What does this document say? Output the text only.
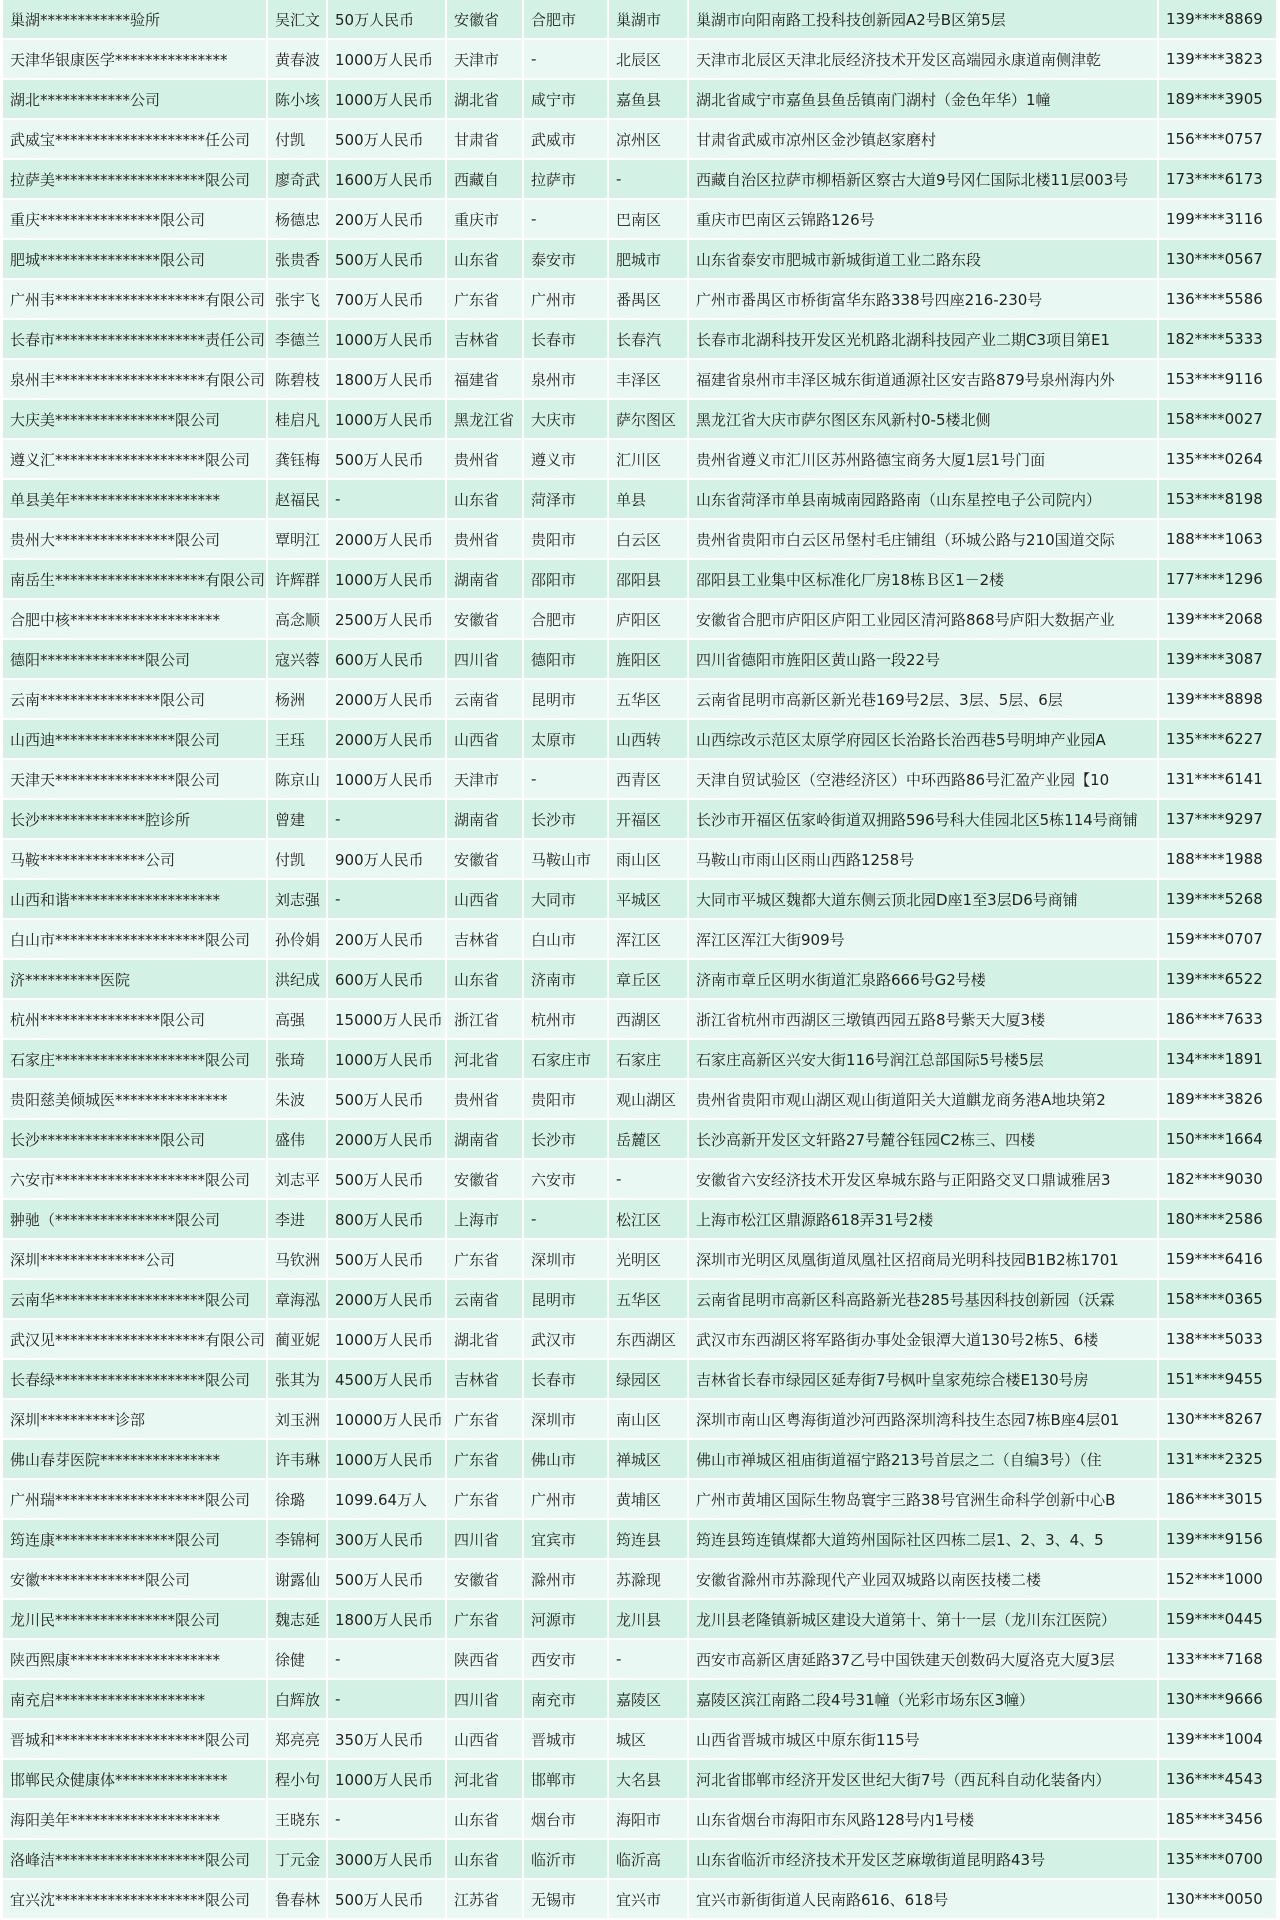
巢湖************验所	吴汇文	50万人民币	安徽省	合肥市	巢湖市	巢湖市向阳南路工投科技创新园A2号B区第5层	139****8869
天津华银康医学***************	黄春波	1000万人民币	天津市	-	北辰区	天津市北辰区天津北辰经济技术开发区高端园永康道南侧津乾	139****3823
湖北************公司	陈小垓	1000万人民币	湖北省	咸宁市	嘉鱼县	湖北省咸宁市嘉鱼县鱼岳镇南门湖村（金色年华）1幢	189****3905
武威宝********************任公司	付凯	500万人民币	甘肃省	武威市	凉州区	甘肃省武威市凉州区金沙镇赵家磨村	156****0757
拉萨美********************限公司	廖奇武	1600万人民币	西藏自	拉萨市	-	西藏自治区拉萨市柳梧新区察古大道9号冈仁国际北楼11层003号	173****6173
重庆****************限公司	杨德忠	200万人民币	重庆市	-	巴南区	重庆市巴南区云锦路126号	199****3116
肥城****************限公司	张贵香	500万人民币	山东省	泰安市	肥城市	山东省泰安市肥城市新城街道工业二路东段	130****0567
广州韦********************有限公司	张宇飞	700万人民币	广东省	广州市	番禺区	广州市番禺区市桥街富华东路338号四座216-230号	136****5586
长春市********************责任公司	李德兰	1000万人民币	吉林省	长春市	长春汽	长春市北湖科技开发区光机路北湖科技园产业二期C3项目第E1	182****5333
泉州丰********************有限公司	陈碧枝	1800万人民币	福建省	泉州市	丰泽区	福建省泉州市丰泽区城东街道通源社区安吉路879号泉州海内外	153****9116
大庆美****************限公司	桂启凡	1000万人民币	黑龙江省	大庆市	萨尔图区	黑龙江省大庆市萨尔图区东风新村0-5楼北侧	158****0027
遵义汇********************限公司	龚钰梅	500万人民币	贵州省	遵义市	汇川区	贵州省遵义市汇川区苏州路德宝商务大厦1层1号门面	135****0264
单县美年********************	赵福民	-	山东省	菏泽市	单县	山东省菏泽市单县南城南园路路南（山东星控电子公司院内）	153****8198
贵州大****************限公司	覃明江	2000万人民币	贵州省	贵阳市	白云区	贵州省贵阳市白云区吊堡村毛庄铺组（环城公路与210国道交际	188****1063
南岳生********************有限公司	许辉群	1000万人民币	湖南省	邵阳市	邵阳县	邵阳县工业集中区标准化厂房18栋Ｂ区1－2楼	177****1296
合肥中核********************	高念顺	2500万人民币	安徽省	合肥市	庐阳区	安徽省合肥市庐阳区庐阳工业园区清河路868号庐阳大数据产业	139****2068
德阳**************限公司	寇兴蓉	600万人民币	四川省	德阳市	旌阳区	四川省德阳市旌阳区黄山路一段22号	139****3087
云南****************限公司	杨洲	2000万人民币	云南省	昆明市	五华区	云南省昆明市高新区新光巷169号2层、3层、5层、6层	139****8898
山西迪****************限公司	王珏	2000万人民币	山西省	太原市	山西转	山西综改示范区太原学府园区长治路长治西巷5号明坤产业园A	135****6227
天津天****************限公司	陈京山	1000万人民币	天津市	-	西青区	天津自贸试验区（空港经济区）中环西路86号汇盈产业园【10	131****6141
长沙**************腔诊所	曾建	-	湖南省	长沙市	开福区	长沙市开福区伍家岭街道双拥路596号科大佳园北区5栋114号商铺	137****9297
马鞍**************公司	付凯	900万人民币	安徽省	马鞍山市	雨山区	马鞍山市雨山区雨山西路1258号	188****1988
山西和谐********************	刘志强	-	山西省	大同市	平城区	大同市平城区魏都大道东侧云顶北园D座1至3层D6号商铺	139****5268
白山市********************限公司	孙伶娟	200万人民币	吉林省	白山市	浑江区	浑江区浑江大街909号	159****0707
济**********医院	洪纪成	600万人民币	山东省	济南市	章丘区	济南市章丘区明水街道汇泉路666号G2号楼	139****6522
杭州****************限公司	高强	15000万人民币	浙江省	杭州市	西湖区	浙江省杭州市西湖区三墩镇西园五路8号紫天大厦3楼	186****7633
石家庄********************限公司	张琦	1000万人民币	河北省	石家庄市	石家庄	石家庄高新区兴安大街116号润江总部国际5号楼5层	134****1891
贵阳慈美倾城医***************	朱波	500万人民币	贵州省	贵阳市	观山湖区	贵州省贵阳市观山湖区观山街道阳关大道麒龙商务港A地块第2	189****3826
长沙****************限公司	盛伟	2000万人民币	湖南省	长沙市	岳麓区	长沙高新开发区文轩路27号麓谷钰园C2栋三、四楼	150****1664
六安市********************限公司	刘志平	500万人民币	安徽省	六安市	-	安徽省六安经济技术开发区皋城东路与正阳路交叉口鼎诚雅居3	182****9030
翀驰（****************限公司	李进	800万人民币	上海市	-	松江区	上海市松江区鼎源路618弄31号2楼	180****2586
深圳**************公司	马钦洲	500万人民币	广东省	深圳市	光明区	深圳市光明区凤凰街道凤凰社区招商局光明科技园B1B2栋1701	159****6416
云南华********************限公司	章海泓	2000万人民币	云南省	昆明市	五华区	云南省昆明市高新区科高路新光巷285号基因科技创新园（沃霖	158****0365
武汉见********************有限公司	蔺亚妮	1000万人民币	湖北省	武汉市	东西湖区	武汉市东西湖区将军路街办事处金银潭大道130号2栋5、6楼	138****5033
长春绿********************限公司	张其为	4500万人民币	吉林省	长春市	绿园区	吉林省长春市绿园区延寿街7号枫叶皇家苑综合楼E130号房	151****9455
深圳**********诊部	刘玉洲	10000万人民币	广东省	深圳市	南山区	深圳市南山区粤海街道沙河西路深圳湾科技生态园7栋B座4层01	130****8267
佛山春芽医院****************	许韦琳	1000万人民币	广东省	佛山市	禅城区	佛山市禅城区祖庙街道福宁路213号首层之二（自编3号）（住	131****2325
广州瑞********************限公司	徐璐	1099.64万人	广东省	广州市	黄埔区	广州市黄埔区国际生物岛寰宇三路38号官洲生命科学创新中心B	186****3015
筠连康****************限公司	李锦柯	300万人民币	四川省	宜宾市	筠连县	筠连县筠连镇煤都大道筠州国际社区四栋二层1、2、3、4、5	139****9156
安徽**************限公司	谢露仙	500万人民币	安徽省	滁州市	苏滁现	安徽省滁州市苏滁现代产业园双城路以南医技楼二楼	152****1000
龙川民****************限公司	魏志延	1800万人民币	广东省	河源市	龙川县	龙川县老隆镇新城区建设大道第十、第十一层（龙川东江医院）	159****0445
陕西熙康********************	徐健	-	陕西省	西安市	-	西安市高新区唐延路37乙号中国铁建天创数码大厦洛克大厦3层	133****7168
南充启********************	白辉放	-	四川省	南充市	嘉陵区	嘉陵区滨江南路二段4号31幢（光彩市场东区3幢）	130****9666
晋城和********************限公司	郑亮亮	350万人民币	山西省	晋城市	城区	山西省晋城市城区中原东街115号	139****1004
邯郸民众健康体***************	程小句	1000万人民币	河北省	邯郸市	大名县	河北省邯郸市经济开发区世纪大街7号（西瓦科自动化装备内）	136****4543
海阳美年********************	王晓东	-	山东省	烟台市	海阳市	山东省烟台市海阳市东风路128号内1号楼	185****3456
洛峰洁********************限公司	丁元金	3000万人民币	山东省	临沂市	临沂高	山东省临沂市经济技术开发区芝麻墩街道昆明路43号	135****0700
宜兴沈********************限公司	鲁春林	500万人民币	江苏省	无锡市	宜兴市	宜兴市新街街道人民南路616、618号	130****0050
